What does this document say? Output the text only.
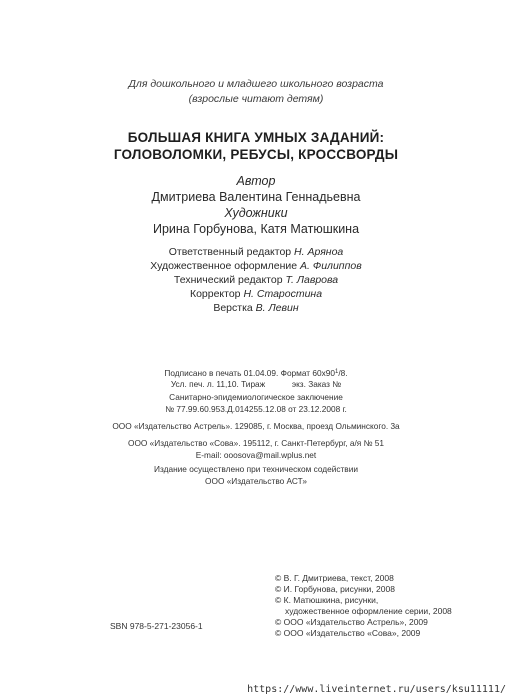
Для дошкольного и младшего школьного возраста
(взрослые читают детям)
БОЛЬШАЯ КНИГА УМНЫХ ЗАДАНИЙ:
ГОЛОВОЛОМКИ, РЕБУСЫ, КРОССВОРДЫ
Автор
Дмитриева Валентина Геннадьевна
Художники
Ирина Горбунова, Катя Матюшкина
Ответственный редактор Н. Аряноа
Художественное оформление А. Филиппов
Технический редактор Т. Лаврова
Корректор Н. Старостина
Верстка В. Левин
Подписано в печать 01.04.09. Формат 60х901/8.
Усл. печ. л. 11,10. Тираж	экз. Заказ №
Санитарно-эпидемиологическое заключение
№ 77.99.60.953.Д.014255.12.08 от 23.12.2008 г.
ООО «Издательство Астрель». 129085, г. Москва, проезд Ольминского. 3а
ООО «Издательство «Сова». 195112, г. Санкт-Петербург, а/я № 51
E-mail: ooosova@mail.wplus.net
Издание осуществлено при техническом содействии
ООО «Издательство АСТ»
© В. Г. Дмитриева, текст, 2008
© И. Горбунова, рисунки, 2008
© К. Матюшкина, рисунки,
художественное оформление серии, 2008
© ООО «Издательство Астрель», 2009
© ООО «Издательство «Сова», 2009
SBN 978-5-271-23056-1
https://www.liveinternet.ru/users/ksu11111/
